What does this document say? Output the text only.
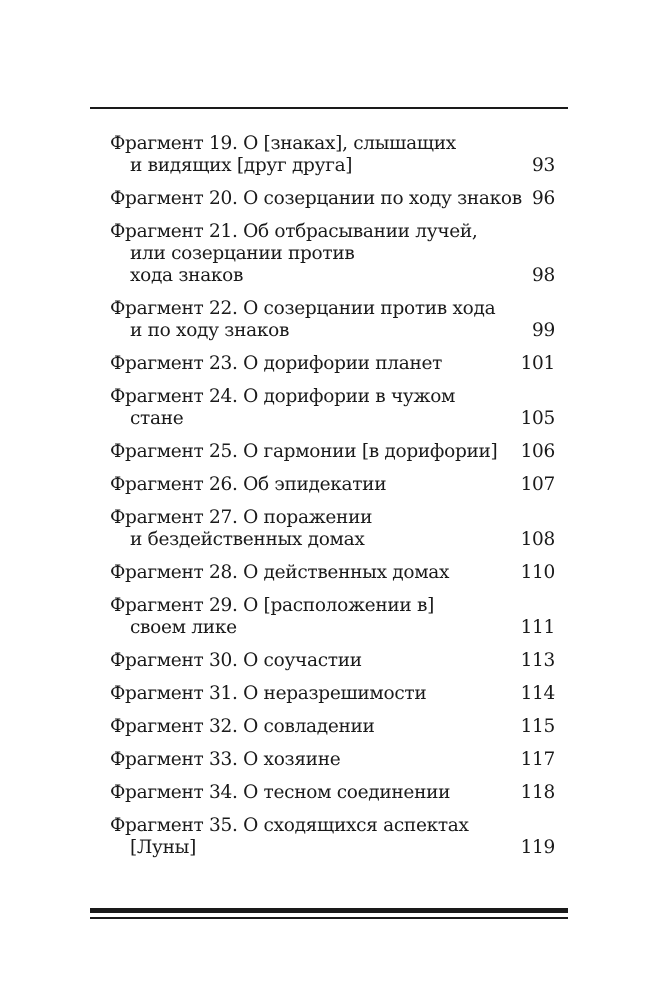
Фрагмент 19. О [знаках], слышащих
и видящих [друг друга]	93
Фрагмент 20. О созерцании по ходу знаков 96
Фрагмент 21. Об отбрасывании лучей,
или созерцании против
хода знаков	98
Фрагмент 22. О созерцании против хода
и по ходу знаков	99
Фрагмент 23. О дорифории планет	101
Фрагмент 24. О дорифории в чужом
стане	105
Фрагмент 25. О гармонии [в дорифории]	106
Фрагмент 26. Об эпидекатии	107
Фрагмент 27. О поражении
и бездейственных домах	108
Фрагмент 28. О действенных домах	110
Фрагмент 29. О [расположении в]
своем лике	111
Фрагмент 30. О соучастии	113
Фрагмент 31. О неразрешимости	114
Фрагмент 32. О совладении	115
Фрагмент 33. О хозяине	117
Фрагмент 34. О тесном соединении	118
Фрагмент 35. О сходящихся аспектах
[Луны]	119
